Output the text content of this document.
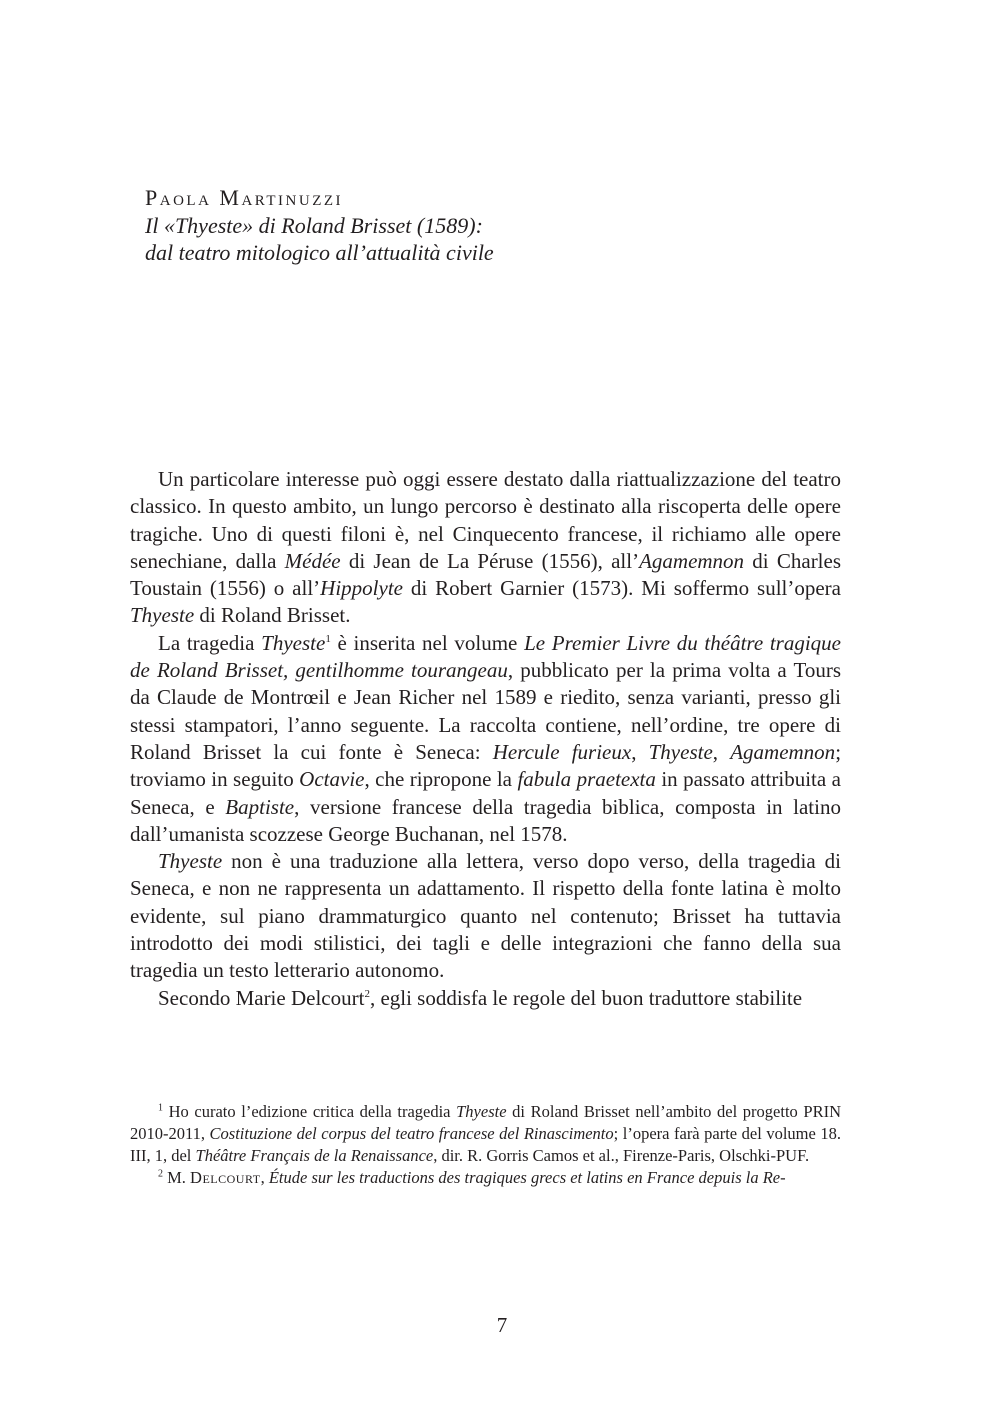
Paola Martinuzzi

Il «Thyeste» di Roland Brisset (1589):
dal teatro mitologico all’attualità civile

Un particolare interesse può oggi essere destato dalla riattualizzazione del teatro classico. In questo ambito, un lungo percorso è destinato alla riscoperta delle opere tragiche. Uno di questi filoni è, nel Cinquecento francese, il richiamo alle opere senechiane, dalla Médée di Jean de La Péruse (1556), all’Agamemnon di Charles Toustain (1556) o all’Hippolyte di Robert Garnier (1573). Mi soffermo sull’opera Thyeste di Roland Brisset.

La tragedia Thyeste$^1$ è inserita nel volume Le Premier Livre du théâtre tragique de Roland Brisset, gentilhomme tourangeau, pubblicato per la prima volta a Tours da Claude de Montrœil e Jean Richer nel 1589 e riedito, senza varianti, presso gli stessi stampatori, l’anno seguente. La raccolta contiene, nell’ordine, tre opere di Roland Brisset la cui fonte è Seneca: Hercule furieux, Thyeste, Agamemnon; troviamo in seguito Octavie, che ripropone la fabula praetexta in passato attribuita a Seneca, e Baptiste, versione francese della tragedia biblica, composta in latino dall’umanista scozzese George Buchanan, nel 1578.

Thyeste non è una traduzione alla lettera, verso dopo verso, della tragedia di Seneca, e non ne rappresenta un adattamento. Il rispetto della fonte latina è molto evidente, sul piano drammaturgico quanto nel contenuto; Brisset ha tuttavia introdotto dei modi stilistici, dei tagli e delle integrazioni che fanno della sua tragedia un testo letterario autonomo.

Secondo Marie Delcourt$^2$, egli soddisfa le regole del buon traduttore stabilite

$^1$ Ho curato l’edizione critica della tragedia Thyeste di Roland Brisset nell’ambito del progetto PRIN 2010-2011, Costituzione del corpus del teatro francese del Rinascimento; l’opera farà parte del volume 18. III, 1, del Théâtre Français de la Renaissance, dir. R. Gorris Camos et al., Firenze-Paris, Olschki-PUF.

$^2$ M. Delcourt, Étude sur les traductions des tragiques grecs et latins en France depuis la Re-

7
